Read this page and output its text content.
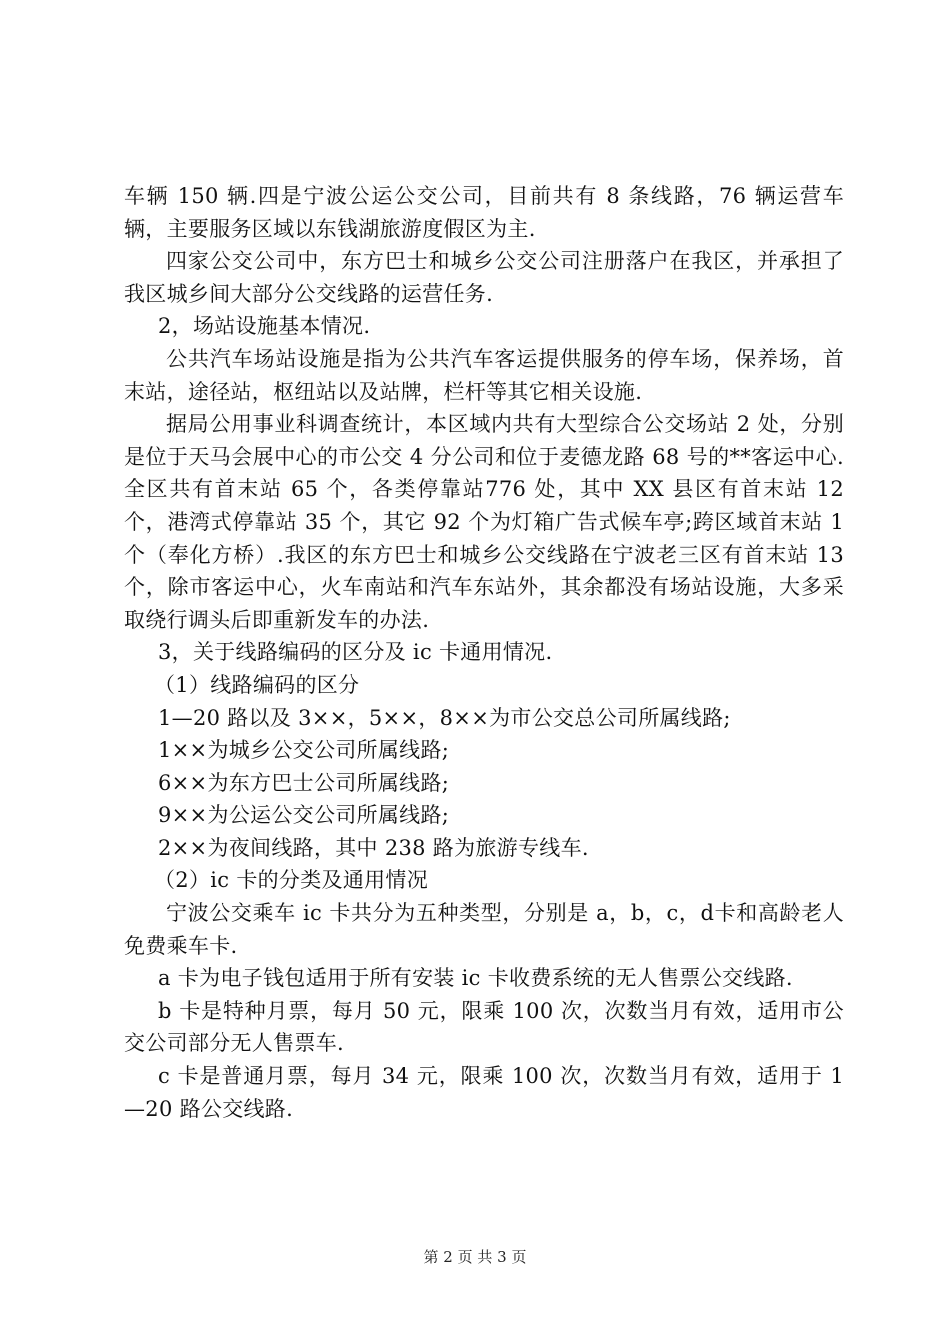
车辆 150 辆.四是宁波公运公交公司，目前共有 8 条线路，76 辆运营车辆，主要服务区域以东钱湖旅游度假区为主.

四家公交公司中，东方巴士和城乡公交公司注册落户在我区，并承担了我区城乡间大部分公交线路的运营任务.

2，场站设施基本情况.

公共汽车场站设施是指为公共汽车客运提供服务的停车场，保养场，首末站，途径站，枢纽站以及站牌，栏杆等其它相关设施.

据局公用事业科调查统计，本区域内共有大型综合公交场站 2 处，分别是位于天马会展中心的市公交 4 分公司和位于麦德龙路 68 号的**客运中心.全区共有首末站 65 个，各类停靠站776 处，其中 XX 县区有首末站 12 个，港湾式停靠站 35 个，其它 92 个为灯箱广告式候车亭;跨区域首末站 1 个（奉化方桥）.我区的东方巴士和城乡公交线路在宁波老三区有首末站 13 个，除市客运中心，火车南站和汽车东站外，其余都没有场站设施，大多采取绕行调头后即重新发车的办法.

3，关于线路编码的区分及 ic 卡通用情况.

（1）线路编码的区分

1—20 路以及 3××，5××，8××为市公交总公司所属线路;

1××为城乡公交公司所属线路;

6××为东方巴士公司所属线路;

9××为公运公交公司所属线路;

2××为夜间线路，其中 238 路为旅游专线车.

（2）ic 卡的分类及通用情况

宁波公交乘车 ic 卡共分为五种类型，分别是 a，b，c，d卡和高龄老人免费乘车卡.

a 卡为电子钱包适用于所有安装 ic 卡收费系统的无人售票公交线路.

b 卡是特种月票，每月 50 元，限乘 100 次，次数当月有效，适用市公交公司部分无人售票车.

c 卡是普通月票，每月 34 元，限乘 100 次，次数当月有效，适用于 1—20 路公交线路.

第 2 页 共 3 页
